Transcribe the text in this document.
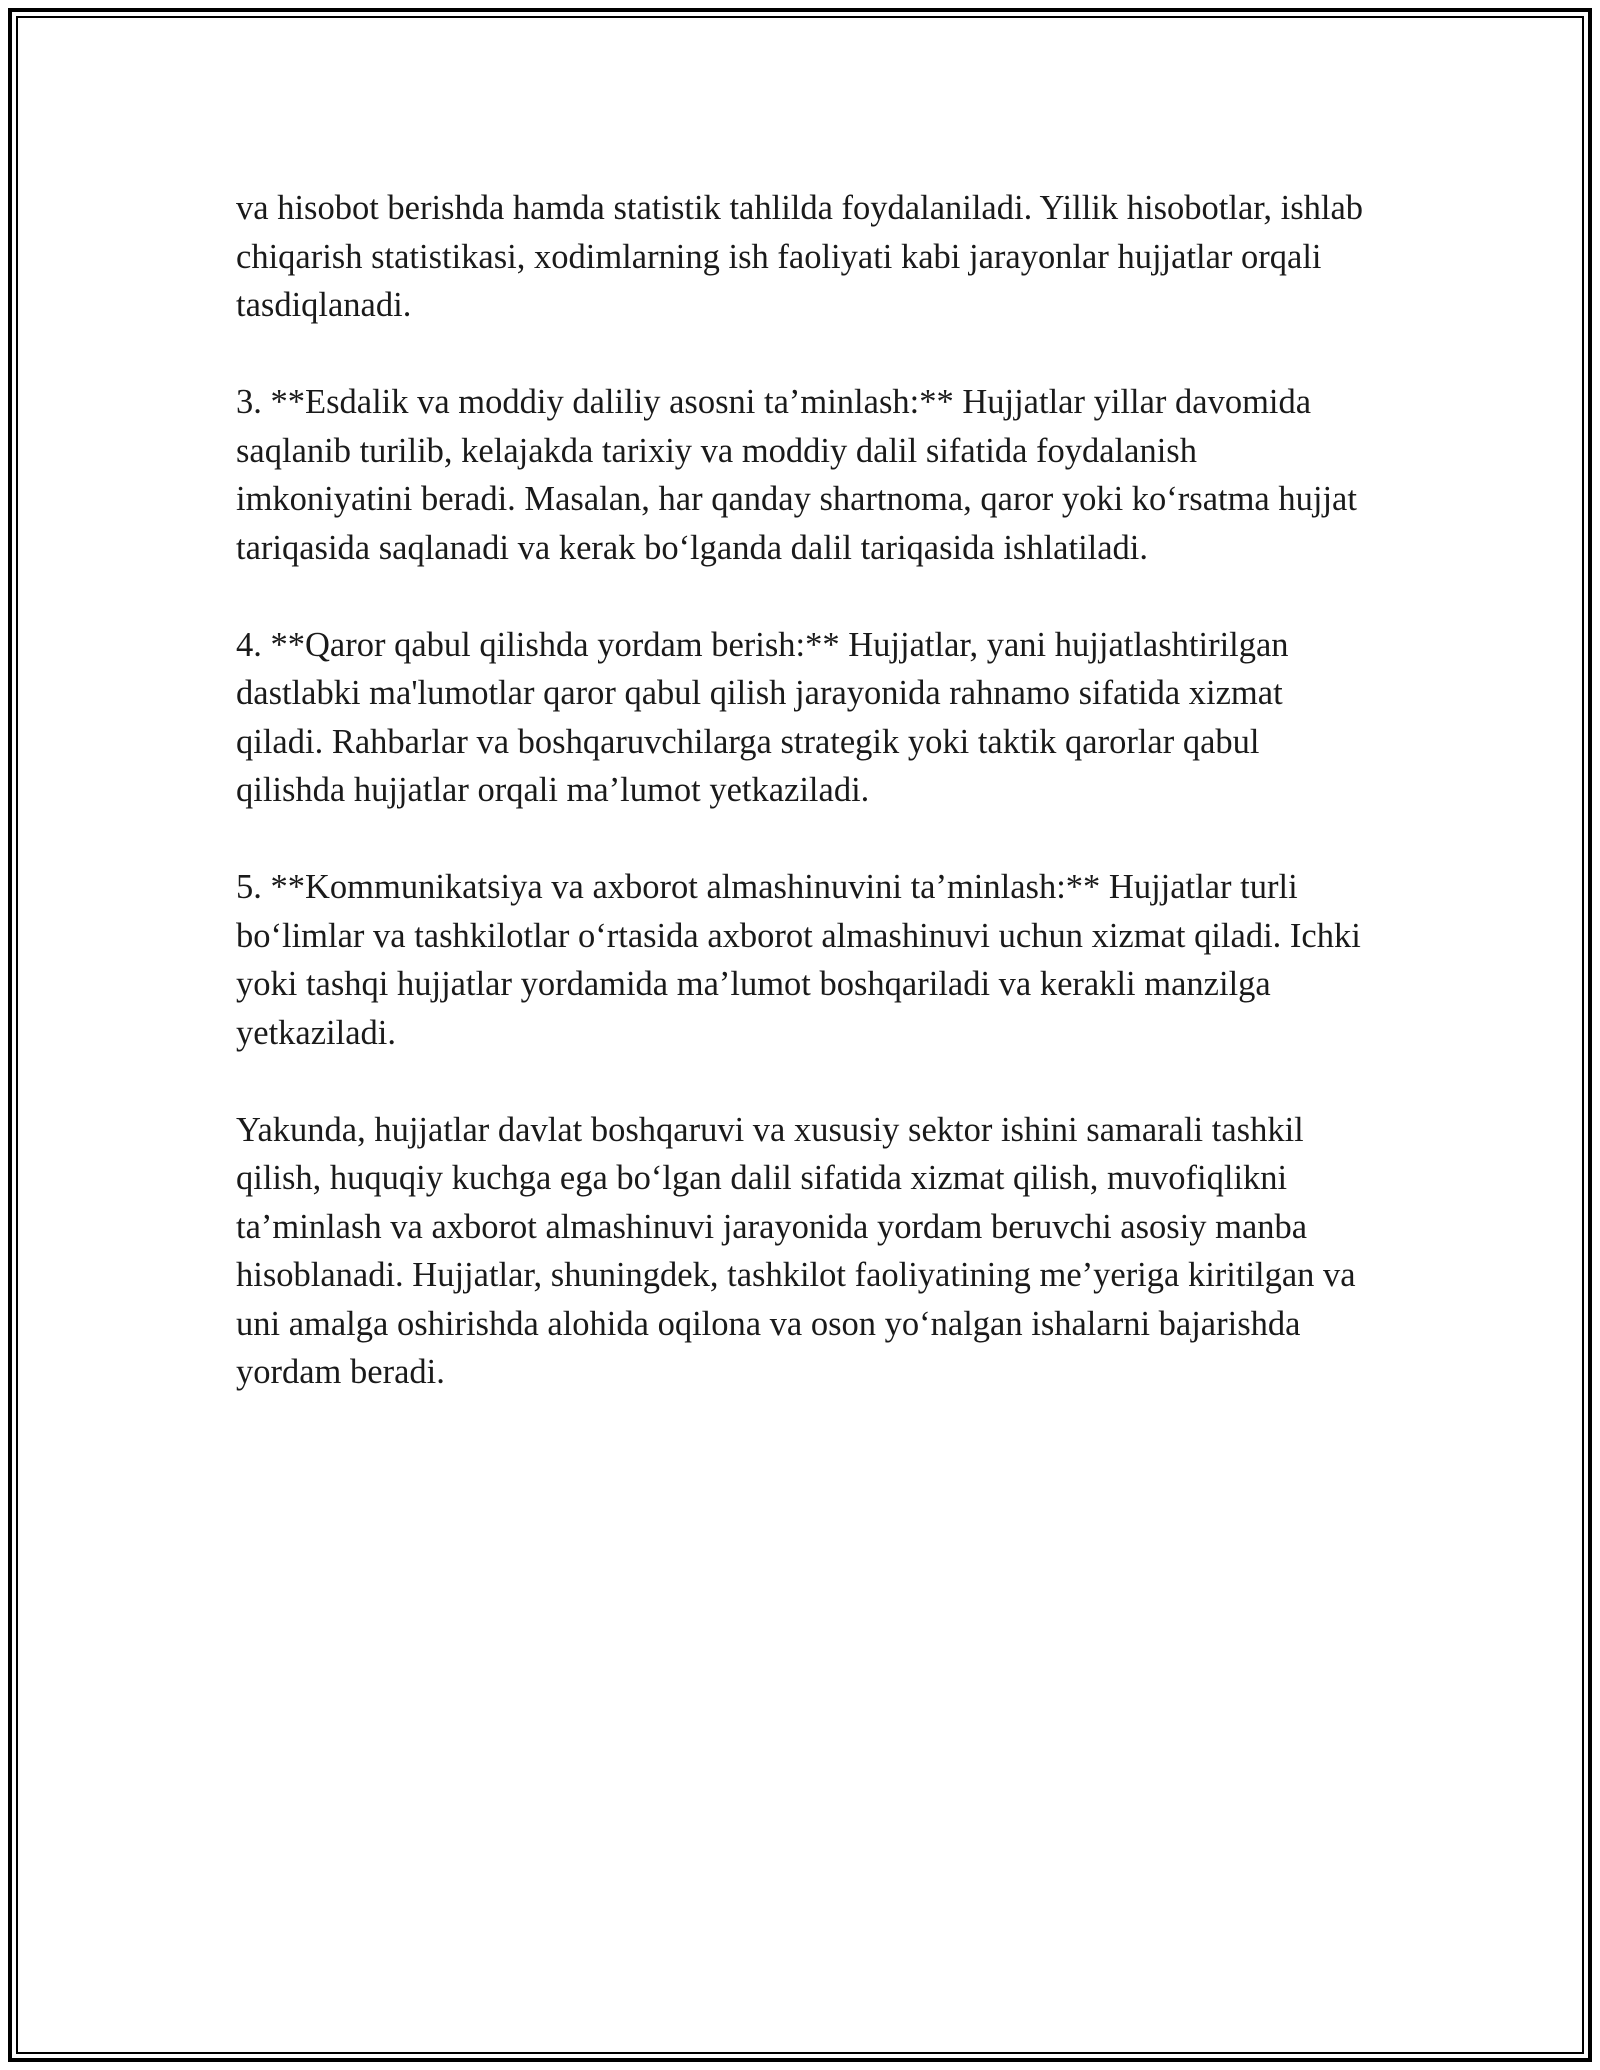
va hisobot berishda hamda statistik tahlilda foydalaniladi. Yillik hisobotlar, ishlab chiqarish statistikasi, xodimlarning ish faoliyati kabi jarayonlar hujjatlar orqali tasdiqlanadi.

3. **Esdalik va moddiy daliliy asosni ta’minlash:** Hujjatlar yillar davomida saqlanib turilib, kelajakda tarixiy va moddiy dalil sifatida foydalanish imkoniyatini beradi. Masalan, har qanday shartnoma, qaror yoki ko‘rsatma hujjat tariqasida saqlanadi va kerak bo‘lganda dalil tariqasida ishlatiladi.

4. **Qaror qabul qilishda yordam berish:** Hujjatlar, yani hujjatlashtirilgan dastlabki ma'lumotlar qaror qabul qilish jarayonida rahnamo sifatida xizmat qiladi. Rahbarlar va boshqaruvchilarga strategik yoki taktik qarorlar qabul qilishda hujjatlar orqali ma’lumot yetkaziladi.

5. **Kommunikatsiya va axborot almashinuvini ta’minlash:** Hujjatlar turli bo‘limlar va tashkilotlar o‘rtasida axborot almashinuvi uchun xizmat qiladi. Ichki yoki tashqi hujjatlar yordamida ma’lumot boshqariladi va kerakli manzilga yetkaziladi.

Yakunda, hujjatlar davlat boshqaruvi va xususiy sektor ishini samarali tashkil qilish, huquqiy kuchga ega bo‘lgan dalil sifatida xizmat qilish, muvofiqlikni ta’minlash va axborot almashinuvi jarayonida yordam beruvchi asosiy manba hisoblanadi. Hujjatlar, shuningdek, tashkilot faoliyatining me’yeriga kiritilgan va uni amalga oshirishda alohida oqilona va oson yo‘nalgan ishalarni bajarishda yordam beradi.
